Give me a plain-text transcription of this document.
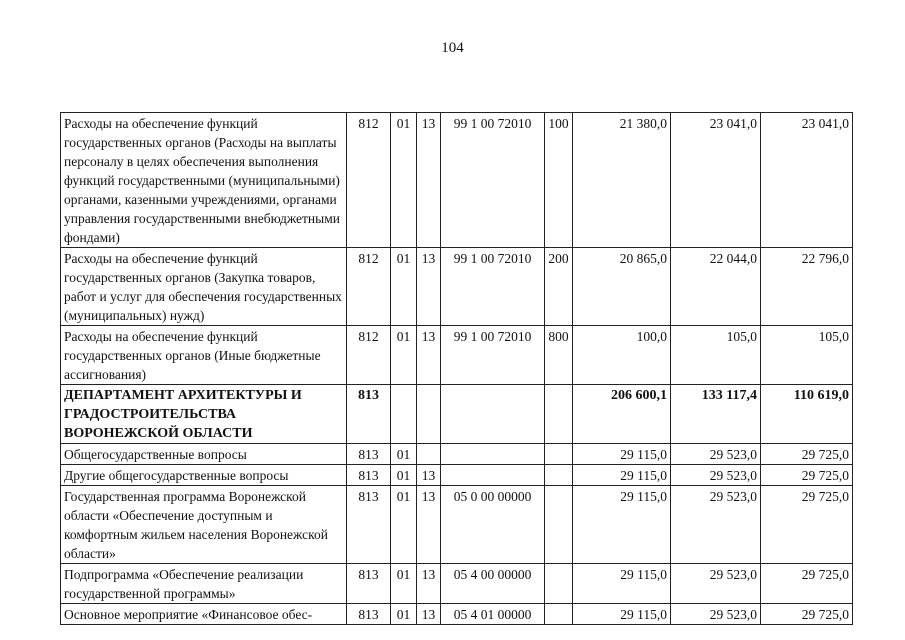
104
Расходы на обеспечение функций государственных органов (Расходы на выплаты персоналу в целях обеспечения выполнения функций государственными (муниципальными) органами, казенными учреждениями, органами управления государственными внебюджетными фондами)	812	01	13	99 1 00 72010	100	21 380,0	23 041,0	23 041,0
Расходы на обеспечение функций государственных органов (Закупка товаров, работ и услуг для обеспечения государственных (муниципальных) нужд)	812	01	13	99 1 00 72010	200	20 865,0	22 044,0	22 796,0
Расходы на обеспечение функций государственных органов (Иные бюджетные ассигнования)	812	01	13	99 1 00 72010	800	100,0	105,0	105,0
ДЕПАРТАМЕНТ АРХИТЕКТУРЫ И ГРАДОСТРОИТЕЛЬСТВА ВОРОНЕЖСКОЙ ОБЛАСТИ	813					206 600,1	133 117,4	110 619,0
Общегосударственные вопросы	813	01				29 115,0	29 523,0	29 725,0
Другие общегосударственные вопросы	813	01	13			29 115,0	29 523,0	29 725,0
Государственная программа Воронежской области «Обеспечение доступным и комфортным жильем населения Воронежской области»	813	01	13	05 0 00 00000		29 115,0	29 523,0	29 725,0
Подпрограмма «Обеспечение реализации государственной программы»	813	01	13	05 4 00 00000		29 115,0	29 523,0	29 725,0
Основное мероприятие «Финансовое обес-	813	01	13	05 4 01 00000		29 115,0	29 523,0	29 725,0
